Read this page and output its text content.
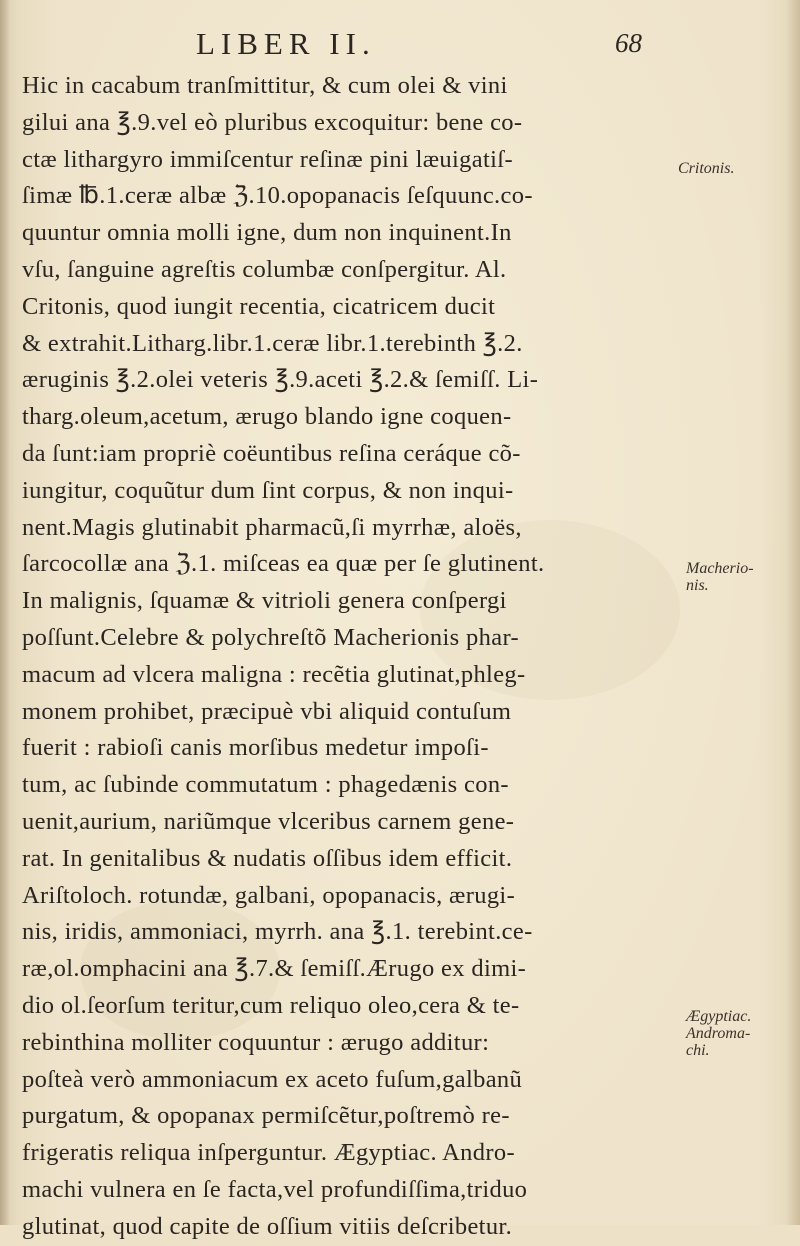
LIBER II.	68
Hic in cacabum tranſmittitur, & cum olei & vini
gilui ana ℥.9.vel eò pluribus excoquitur: bene co-
ctæ lithargyro immiſcentur reſinæ pini læuigatiſ-
ſimæ ℔.1.ceræ albæ ℨ.10.opopanacis ſeſquunc.co-
quuntur omnia molli igne, dum non inquinent.In
vſu, ſanguine agreſtis columbæ conſpergitur. Al.
Critonis, quod iungit recentia, cicatricem ducit
& extrahit.Litharg.libr.1.ceræ libr.1.terebinth ℥.2.
æruginis ℥.2.olei veteris ℥.9.aceti ℥.2.& ſemiſſ. Li-
tharg.oleum,acetum, ærugo blando igne coquen-
da ſunt:iam propriè coëuntibus reſina ceráque cõ-
iungitur, coquũtur dum ſint corpus, & non inqui-
nent.Magis glutinabit pharmacũ,ſi myrrhæ, aloës,
ſarcocollæ ana ℨ.1. miſceas ea quæ per ſe glutinent.
In malignis, ſquamæ & vitrioli genera conſpergi
poſſunt.Celebre & polychreſtõ Macherionis phar-
macum ad vlcera maligna : recẽtia glutinat,phleg-
monem prohibet, præcipuè vbi aliquid contuſum
fuerit : rabioſi canis morſibus medetur impoſi-
tum, ac ſubinde commutatum : phagedænis con-
uenit,aurium, nariũmque vlceribus carnem gene-
rat. In genitalibus & nudatis oſſibus idem efficit.
Ariſtoloch. rotundæ, galbani, opopanacis, ærugi-
nis, iridis, ammoniaci, myrrh. ana ℥.1. terebint.ce-
ræ,ol.omphacini ana ℥.7.& ſemiſſ.Ærugo ex dimi-
dio ol.ſeorſum teritur,cum reliquo oleo,cera & te-
rebinthina molliter coquuntur : ærugo additur:
poſteà verò ammoniacum ex aceto fuſum,galbanũ
purgatum, & opopanax permiſcẽtur,poſtremò re-
frigeratis reliqua inſperguntur. Ægyptiac. Andro-
machi vulnera en ſe facta,vel profundiſſima,triduo
glutinat, quod capite de oſſium vitiis deſcribetur.
Critonis.
Macherio-
nis.
Ægyptiac.
Androma-
chi.
